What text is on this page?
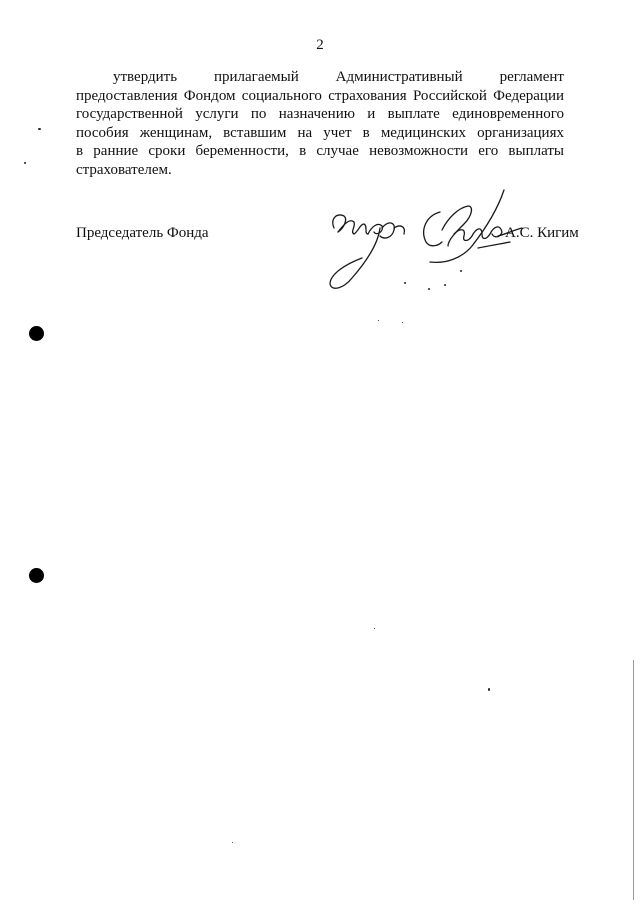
2
утвердить прилагаемый Административный регламент
предоставления Фондом социального страхования Российской Федерации
государственной услуги по назначению и выплате единовременного
пособия женщинам, вставшим на учет в медицинских организациях
в ранние сроки беременности, в случае невозможности его выплаты
страхователем.
Председатель Фонда	А.С. Кигим
